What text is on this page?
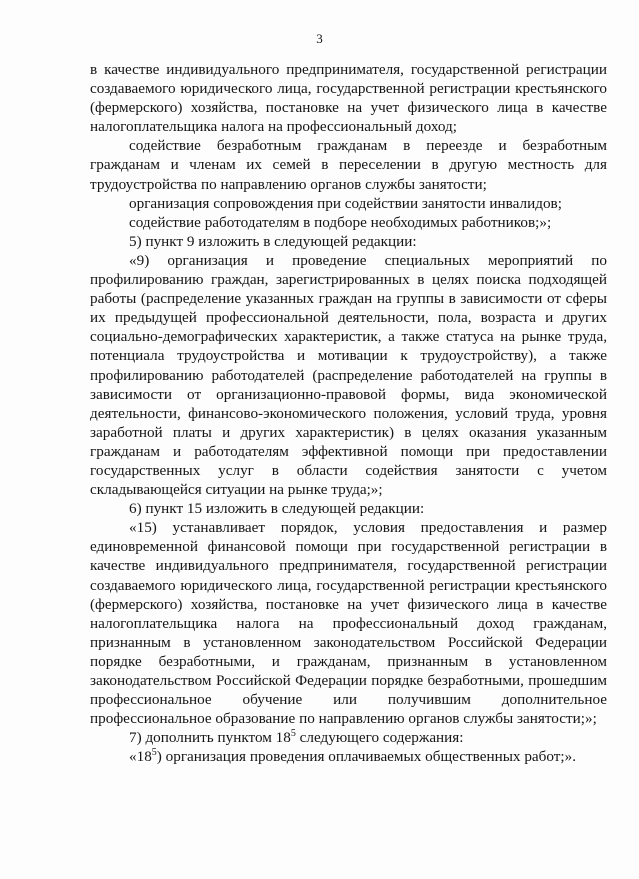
3

в качестве индивидуального предпринимателя, государственной регистрации создаваемого юридического лица, государственной регистрации крестьянского (фермерского) хозяйства, постановке на учет физического лица в качестве налогоплательщика налога на профессиональный доход;

содействие безработным гражданам в переезде и безработным гражданам и членам их семей в переселении в другую местность для трудоустройства по направлению органов службы занятости;

организация сопровождения при содействии занятости инвалидов;

содействие работодателям в подборе необходимых работников;»;

5) пункт 9 изложить в следующей редакции:

«9) организация и проведение специальных мероприятий по профилированию граждан, зарегистрированных в целях поиска подходящей работы (распределение указанных граждан на группы в зависимости от сферы их предыдущей профессиональной деятельности, пола, возраста и других социально-демографических характеристик, а также статуса на рынке труда, потенциала трудоустройства и мотивации к трудоустройству), а также профилированию работодателей (распределение работодателей на группы в зависимости от организационно-правовой формы, вида экономической деятельности, финансово-экономического положения, условий труда, уровня заработной платы и других характеристик) в целях оказания указанным гражданам и работодателям эффективной помощи при предоставлении государственных услуг в области содействия занятости с учетом складывающейся ситуации на рынке труда;»;

6) пункт 15 изложить в следующей редакции:

«15) устанавливает порядок, условия предоставления и размер единовременной финансовой помощи при государственной регистрации в качестве индивидуального предпринимателя, государственной регистрации создаваемого юридического лица, государственной регистрации крестьянского (фермерского) хозяйства, постановке на учет физического лица в качестве налогоплательщика налога на профессиональный доход гражданам, признанным в установленном законодательством Российской Федерации порядке безработными, и гражданам, признанным в установленном законодательством Российской Федерации порядке безработными, прошедшим профессиональное обучение или получившим дополнительное профессиональное образование по направлению органов службы занятости;»;

7) дополнить пунктом $18^5$ следующего содержания:

«$18^5$) организация проведения оплачиваемых общественных работ;».
